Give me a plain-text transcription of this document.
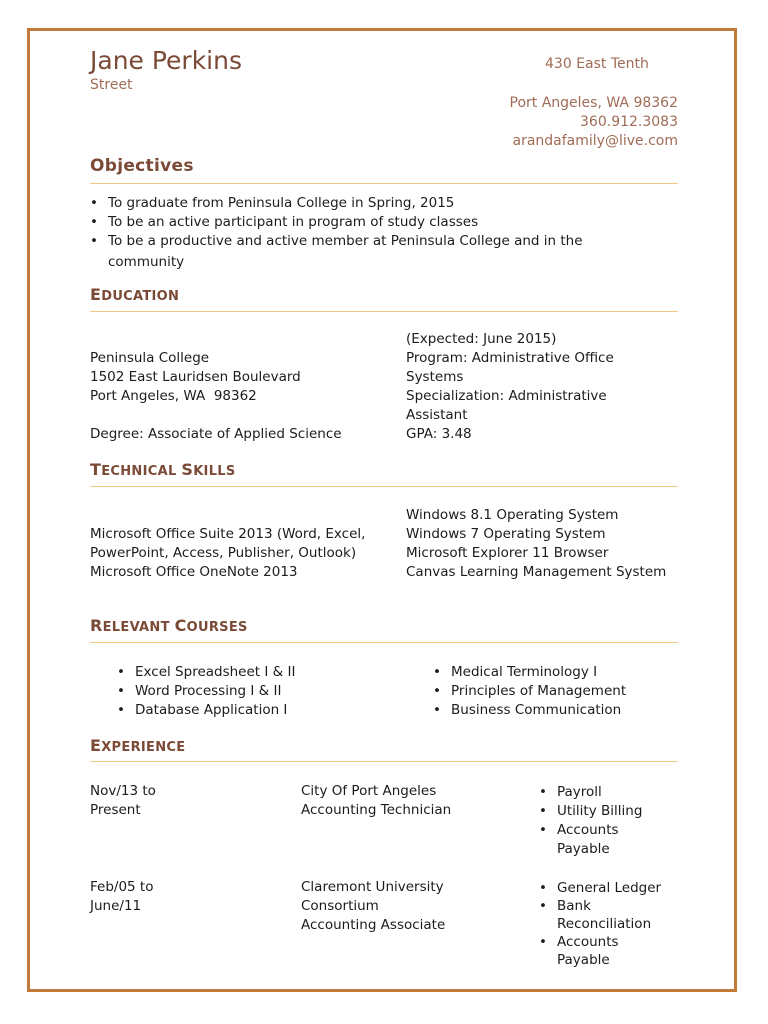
Jane Perkins
Street
430 East Tenth
Port Angeles, WA 98362
360.912.3083
arandafamily@live.com
Objectives
• To graduate from Peninsula College in Spring, 2015
• To be an active participant in program of study classes
• To be a productive and active member at Peninsula College and in the community
EDUCATION
Peninsula College
1502 East Lauridsen Boulevard
Port Angeles, WA  98362
Degree: Associate of Applied Science
(Expected: June 2015)
Program: Administrative Office Systems
Specialization: Administrative Assistant
GPA: 3.48
TECHNICAL SKILLS
Microsoft Office Suite 2013 (Word, Excel, PowerPoint, Access, Publisher, Outlook)
Microsoft Office OneNote 2013
Windows 8.1 Operating System
Windows 7 Operating System
Microsoft Explorer 11 Browser
Canvas Learning Management System
RELEVANT COURSES
• Excel Spreadsheet I & II
• Word Processing I & II
• Database Application I
• Medical Terminology I
• Principles of Management
• Business Communication
EXPERIENCE
Nov/13 to Present
City Of Port Angeles
Accounting Technician
• Payroll
• Utility Billing
• Accounts Payable
Feb/05 to June/11
Claremont University Consortium
Accounting Associate
• General Ledger
• Bank Reconciliation
• Accounts Payable
